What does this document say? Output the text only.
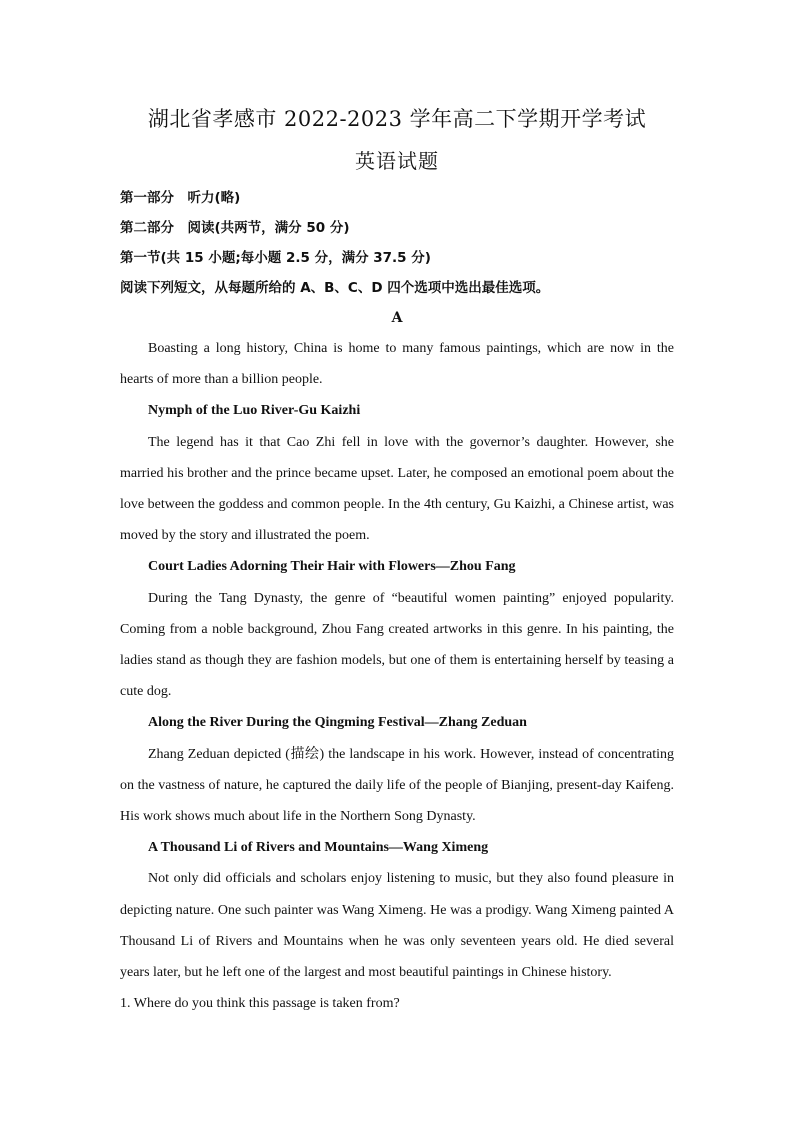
湖北省孝感市 2022-2023 学年高二下学期开学考试
英语试题

第一部分　听力(略)

第二部分　阅读(共两节，满分 50 分)

第一节(共 15 小题;每小题 2.5 分，满分 37.5 分)

阅读下列短文，从每题所给的 A、B、C、D 四个选项中选出最佳选项。

A

Boasting a long history, China is home to many famous paintings, which are now in the hearts of more than a billion people.

Nymph of the Luo River-Gu Kaizhi

The legend has it that Cao Zhi fell in love with the governor’s daughter. However, she married his brother and the prince became upset. Later, he composed an emotional poem about the love between the goddess and common people. In the 4th century, Gu Kaizhi, a Chinese artist, was moved by the story and illustrated the poem.

Court Ladies Adorning Their Hair with Flowers—Zhou Fang

During the Tang Dynasty, the genre of “beautiful women painting” enjoyed popularity. Coming from a noble background, Zhou Fang created artworks in this genre. In his painting, the ladies stand as though they are fashion models, but one of them is entertaining herself by teasing a cute dog.

Along the River During the Qingming Festival—Zhang Zeduan

Zhang Zeduan depicted (描绘) the landscape in his work. However, instead of concentrating on the vastness of nature, he captured the daily life of the people of Bianjing, present-day Kaifeng. His work shows much about life in the Northern Song Dynasty.

A Thousand Li of Rivers and Mountains—Wang Ximeng

Not only did officials and scholars enjoy listening to music, but they also found pleasure in depicting nature. One such painter was Wang Ximeng. He was a prodigy. Wang Ximeng painted A Thousand Li of Rivers and Mountains when he was only seventeen years old. He died several years later, but he left one of the largest and most beautiful paintings in Chinese history.

1. Where do you think this passage is taken from?
